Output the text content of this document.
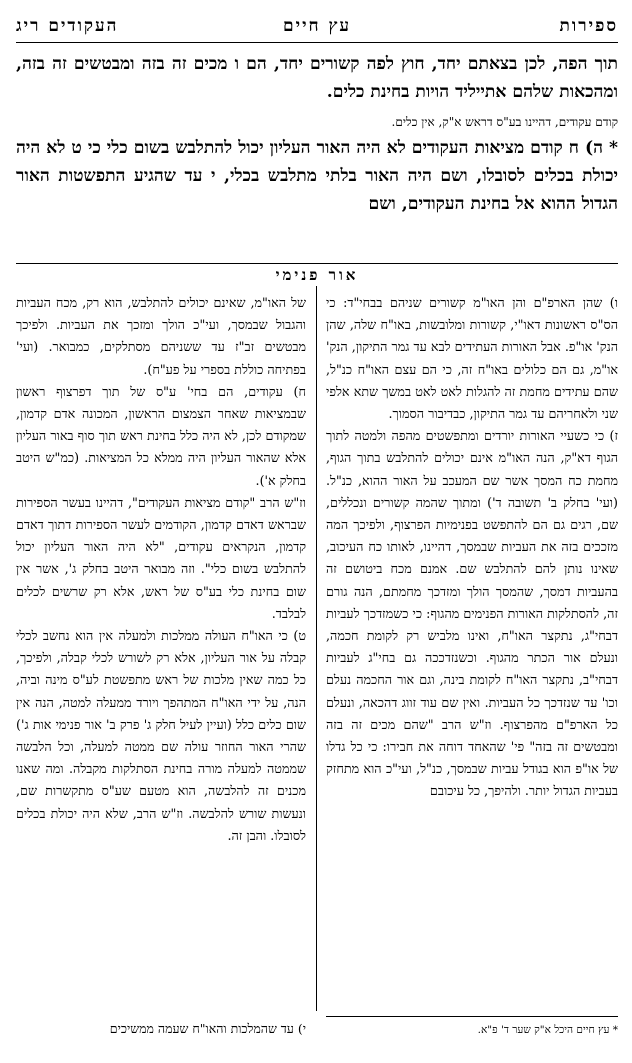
ספירות
עץ חיים
העקודים ריג
תוך הפה, לכן בצאתם יחד, חוץ לפה קשורים יחד, הם ו מכים זה בזה ומבטשים זה בזה, ומהכאות שלהם אתייליד הויות בחינת כלים.
קודם עקודים, דהיינו בע"ס דראש א"ק, אין כלים.
* ה) ח קודם מציאות העקודים לא היה האור העליון יכול להתלבש בשום כלי כי ט לא היה יכולת בכלים לסובלו, ושם היה האור בלתי מתלבש בכלי, י עד שהגיע התפשטות האור הגדול ההוא אל בחינת העקודים, ושם
אור פנימי

ו) שהן הארפ"ם והן האו"מ קשורים שניהם בבחי"ד: כי הס"ס ראשונות דאו"י, קשורות ומלובשות, באו"ח שלה, שהן הנק' או"פ. אבל האורות העתידים לבא עד גמר התיקון, הנק' או"מ, גם הם כלולים באו"ח זה, כי הם עצם האו"ח כנ"ל, שהם עתידים מחמת זה להגלות לאט לאט במשך שתא אלפי שני ולאחריהם עד גמר התיקון, כבדיבור הסמוך.

ז) כי כשעיי האורות יורדים ומתפשטים מהפה ולמטה לתוך הגוף דא"ק, הנה האו"מ אינם יכולים להתלבש בתוך הגוף, מחמת כח המסך אשר שם המעכב על האור ההוא, כנ"ל. (ועי' בחלק ב' תשובה ד') ומתוך שהמה קשורים ונכללים, שם, רגים גם הם להתפשט בפנימיות הפרצוף, ולפיכך המה מזככים בזה את העביות שבמסך, דהיינו, לאותו כח העיכוב, שאינו נותן להם להתלבש שם. אמנם מכח ביטושם זה בהעביות דמסך, שהמסך הולך ומזדכך מחמתם, הנה גורם זה, להסתלקות האורות הפנימים מהגוף: כי כשמזדכך לעביות דבחי"ג, נתקצר האו"ח, ואינו מלביש רק לקומת חכמה, ונעלם אור הכתר מהגוף. וכשנזדככה גם בחי"ג לעביות דבחי"ב, נתקצר האו"ח לקומת בינה, וגם אור החכמה נעלם וכו' עד שנזדכך כל העביות. ואין שם עוד זווג דהכאה, ונעלם כל הארפ"ם מהפרצוף. וז"ש הרב "שהם מכים זה בזה ומבטשים זה בזה" פי' שהאחד דוחה את חבירו: כי כל גדלו של או"פ הוא בגודל עביות שבמסך, כנ"ל, ועי"כ הוא מתחזק בעביות הגדול יותר. ולהיפך, כל עיכובם

של האו"מ, שאינם יכולים להתלבש, הוא רק, מכח העביות והגבול שבמסך, ועי"כ הולך ומזכך את העביות. ולפיכך מבטשים זב"ז עד ששניהם מסתלקים, כמבואר. (ועי' בפתיחה כוללת בספרי על פע"ח).

ח) עקודים, הם בחי' ע"ס של תוך דפרצוף ראשון שבמציאות שאחר הצמצום הראשון, המכונה אדם קדמון, שמקודם לכן, לא היה כלל בחינת ראש תוך סוף באור העליון אלא שהאור העליון היה ממלא כל המציאות. (כמ"ש היטב בחלק א').

וז"ש הרב "קודם מציאות העקודים", דהיינו בעשר הספירות שבראש דאדם קדמון, הקודמים לעשר הספירות דתוך דאדם קדמון, הנקראים עקודים, "לא היה האור העליון יכול להתלבש בשום כלי". וזה מבואר היטב בחלק ג', אשר אין שום בחינת כלי בע"ס של ראש, אלא רק שרשים לכלים לבלבד.

ט) כי האו"ח העולה ממלכות ולמעלה אין הוא נחשב לכלי קבלה על אור העליון, אלא רק לשורש לכלי קבלה, ולפיכך, כל כמה שאין מלכות של ראש מתפשטת לע"ס מינה וביה, הנה, על ידי האו"ח המתהפך ויורד ממעלה למטה, הנה אין שום כלים כלל (ועיין לעיל חלק ג' פרק ב' אור פנימי אות ג') שהרי האור החוזר עולה שם ממטה למעלה, וכל הלבשה שממטה למעלה מורה בחינת הסתלקות מקבלה. ומה שאנו מכנים זה להלבשה, הוא מטעם שע"ס מתקשרות שם, ונעשות שורש להלבשה. וז"ש הרב, שלא היה יכולת בכלים לסובלו. והבן זה.

* עץ חיים היכל א"ק שער ד' פ"א.
י) עד שהמלכות והאו"ח שעמה ממשיכים
